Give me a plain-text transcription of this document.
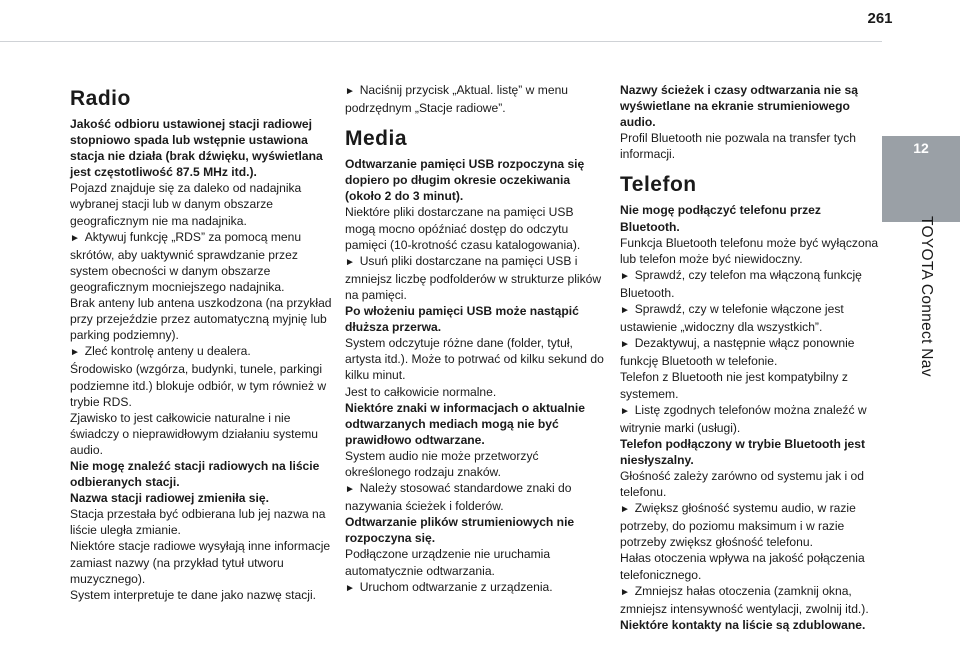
261
12
TOYOTA Connect Nav
Radio

Jakość odbioru ustawionej stacji radiowej stopniowo spada lub wstępnie ustawiona stacja nie działa (brak dźwięku, wyświetlana jest częstotliwość 87.5 MHz itd.).

Pojazd znajduje się za daleko od nadajnika wybranej stacji lub w danym obszarze geograficznym nie ma nadajnika.

► Aktywuj funkcję „RDS” za pomocą menu skrótów, aby uaktywnić sprawdzanie przez system obecności w danym obszarze geograficznym mocniejszego nadajnika.

Brak anteny lub antena uszkodzona (na przykład przy przejeździe przez automatyczną myjnię lub parking podziemny).

► Zleć kontrolę anteny u dealera.

Środowisko (wzgórza, budynki, tunele, parkingi podziemne itd.) blokuje odbiór, w tym również w trybie RDS.

Zjawisko to jest całkowicie naturalne i nie świadczy o nieprawidłowym działaniu systemu audio.

Nie mogę znaleźć stacji radiowych na liście odbieranych stacji.

Nazwa stacji radiowej zmieniła się.

Stacja przestała być odbierana lub jej nazwa na liście uległa zmianie.

Niektóre stacje radiowe wysyłają inne informacje zamiast nazwy (na przykład tytuł utworu muzycznego).

System interpretuje te dane jako nazwę stacji.

► Naciśnij przycisk „Aktual. listę” w menu podrzędnym „Stacje radiowe”.

Media

Odtwarzanie pamięci USB rozpoczyna się dopiero po długim okresie oczekiwania (około 2 do 3 minut).

Niektóre pliki dostarczane na pamięci USB mogą mocno opóźniać dostęp do odczytu pamięci (10-krotność czasu katalogowania).

► Usuń pliki dostarczane na pamięci USB i zmniejsz liczbę podfolderów w strukturze plików na pamięci.

Po włożeniu pamięci USB może nastąpić dłuższa przerwa.

System odczytuje różne dane (folder, tytuł, artysta itd.). Może to potrwać od kilku sekund do kilku minut.

Jest to całkowicie normalne.

Niektóre znaki w informacjach o aktualnie odtwarzanych mediach mogą nie być prawidłowo odtwarzane.

System audio nie może przetworzyć określonego rodzaju znaków.

► Należy stosować standardowe znaki do nazywania ścieżek i folderów.

Odtwarzanie plików strumieniowych nie rozpoczyna się.

Podłączone urządzenie nie uruchamia automatycznie odtwarzania.

► Uruchom odtwarzanie z urządzenia.

Nazwy ścieżek i czasy odtwarzania nie są wyświetlane na ekranie strumieniowego audio.

Profil Bluetooth nie pozwala na transfer tych informacji.

Telefon

Nie mogę podłączyć telefonu przez Bluetooth.

Funkcja Bluetooth telefonu może być wyłączona lub telefon może być niewidoczny.

► Sprawdź, czy telefon ma włączoną funkcję Bluetooth.

► Sprawdź, czy w telefonie włączone jest ustawienie „widoczny dla wszystkich”.

► Dezaktywuj, a następnie włącz ponownie funkcję Bluetooth w telefonie.

Telefon z Bluetooth nie jest kompatybilny z systemem.

► Listę zgodnych telefonów można znaleźć w witrynie marki (usługi).

Telefon podłączony w trybie Bluetooth jest niesłyszalny.

Głośność zależy zarówno od systemu jak i od telefonu.

► Zwiększ głośność systemu audio, w razie potrzeby, do poziomu maksimum i w razie potrzeby zwiększ głośność telefonu.

Hałas otoczenia wpływa na jakość połączenia telefonicznego.

► Zmniejsz hałas otoczenia (zamknij okna, zmniejsz intensywność wentylacji, zwolnij itd.).

Niektóre kontakty na liście są zdublowane.
